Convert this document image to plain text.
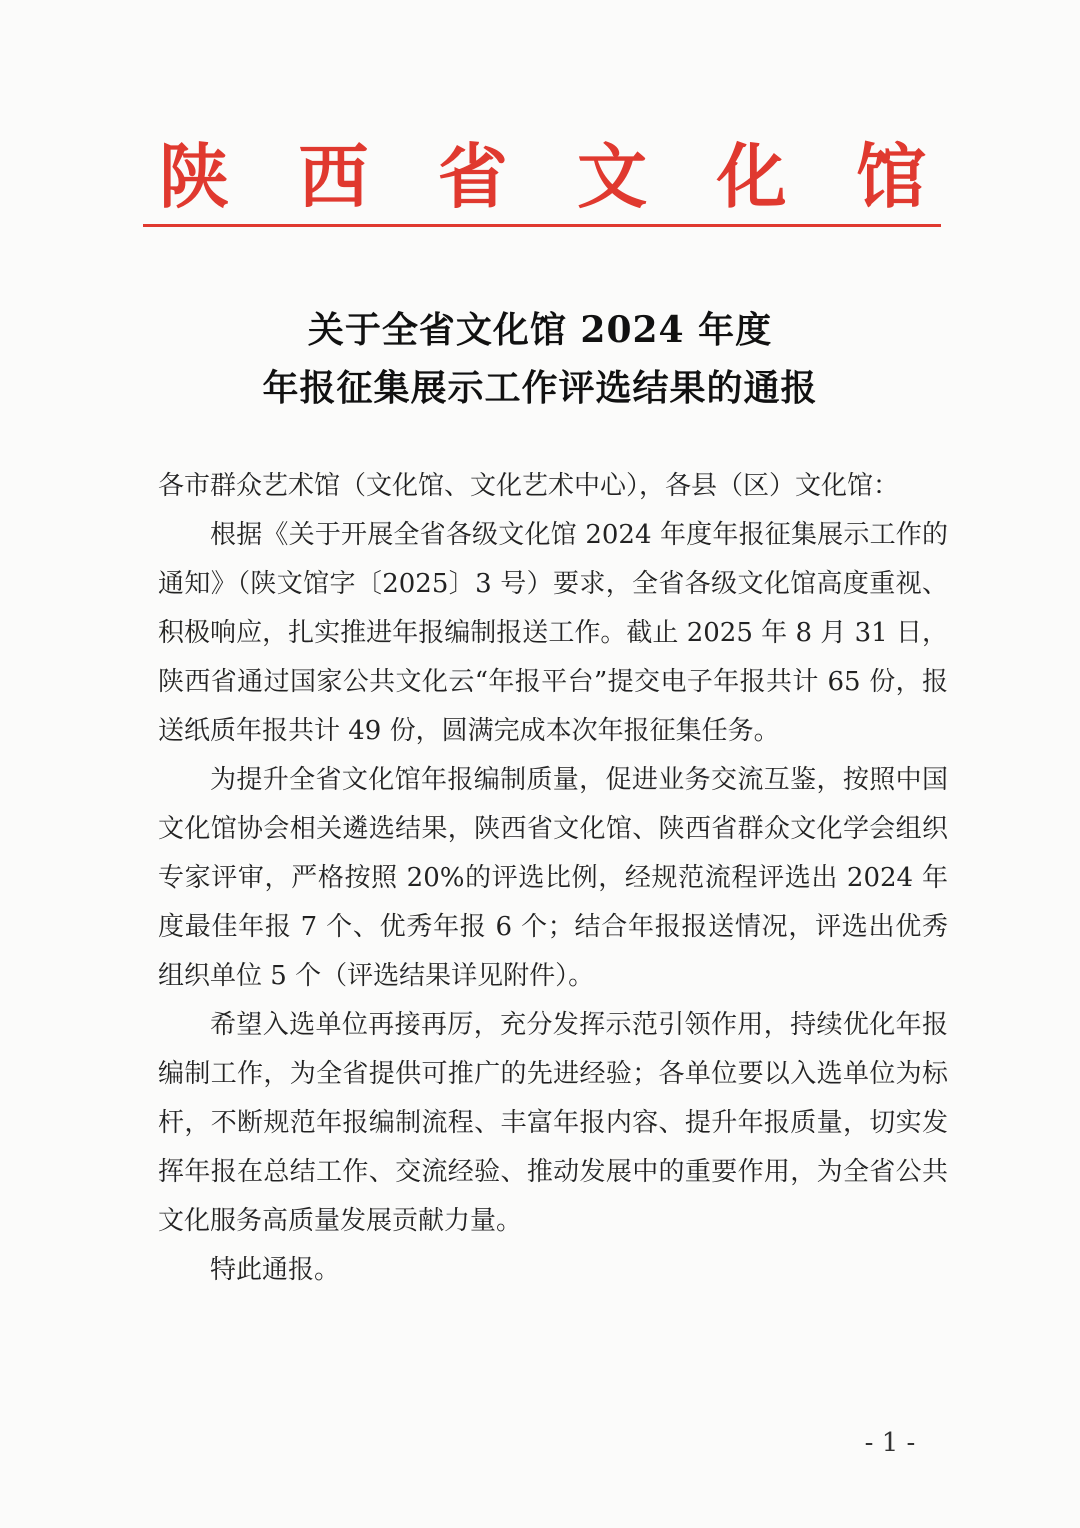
陕 西 省 文 化 馆
关于全省文化馆 2024 年度
年报征集展示工作评选结果的通报

各市群众艺术馆（文化馆、文化艺术中心），各县（区）文化馆：

根据《关于开展全省各级文化馆 2024 年度年报征集展示工作的通知》（陕文馆字〔2025〕3 号）要求，全省各级文化馆高度重视、积极响应，扎实推进年报编制报送工作。截止 2025 年 8 月 31 日，陕西省通过国家公共文化云“年报平台”提交电子年报共计 65 份，报送纸质年报共计 49 份，圆满完成本次年报征集任务。

为提升全省文化馆年报编制质量，促进业务交流互鉴，按照中国文化馆协会相关遴选结果，陕西省文化馆、陕西省群众文化学会组织专家评审，严格按照 20%的评选比例，经规范流程评选出 2024 年度最佳年报 7 个、优秀年报 6 个；结合年报报送情况，评选出优秀组织单位 5 个（评选结果详见附件）。

希望入选单位再接再厉，充分发挥示范引领作用，持续优化年报编制工作，为全省提供可推广的先进经验；各单位要以入选单位为标杆，不断规范年报编制流程、丰富年报内容、提升年报质量，切实发挥年报在总结工作、交流经验、推动发展中的重要作用，为全省公共文化服务高质量发展贡献力量。

特此通报。

- 1 -
